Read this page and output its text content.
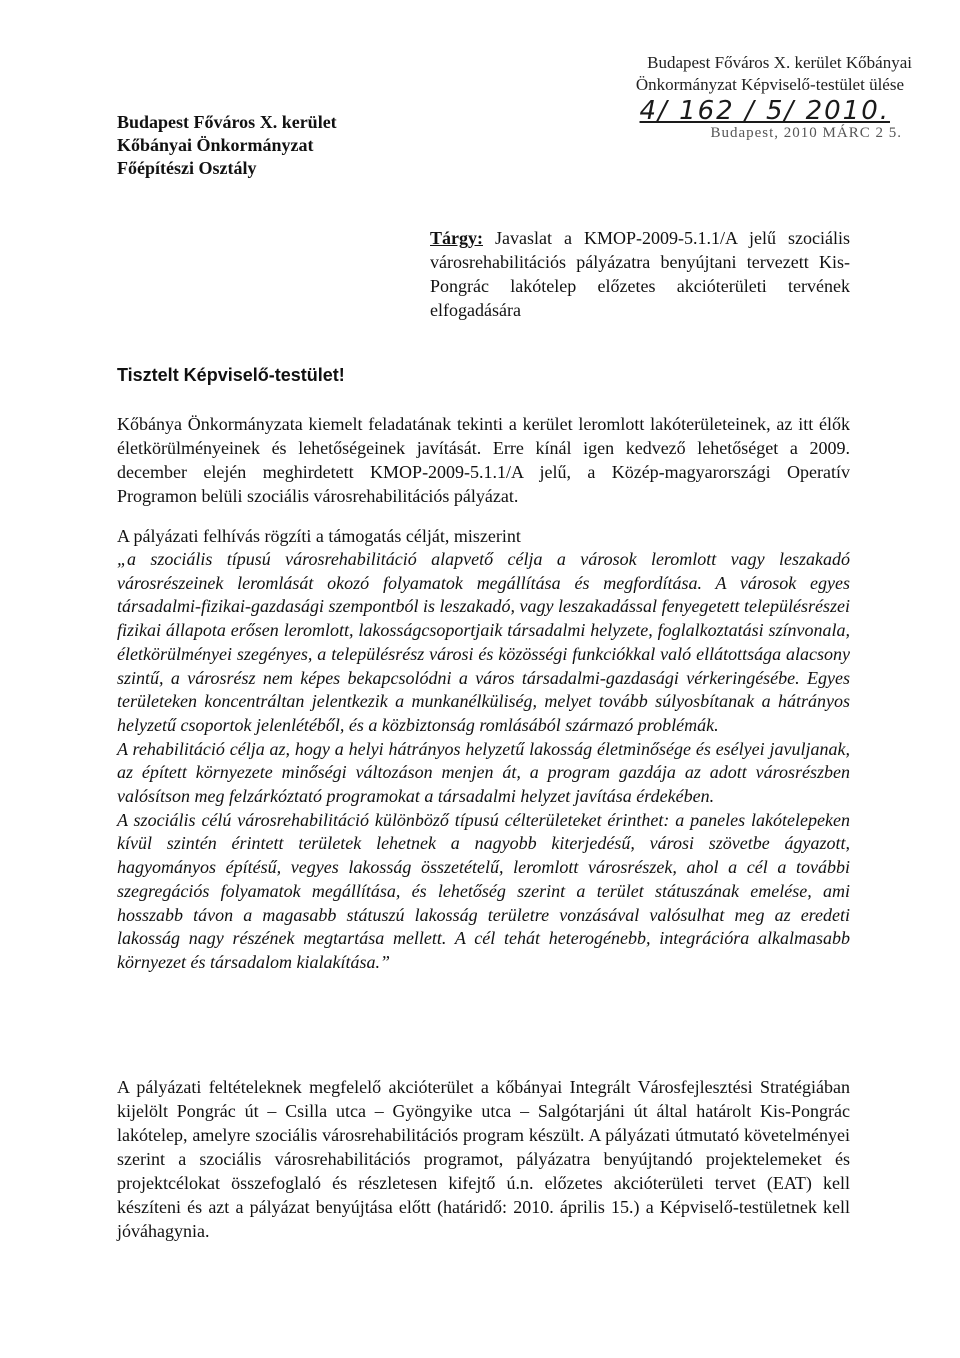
Budapest Főváros X. kerület
Kőbányai Önkormányzat
Főépítészi Osztály
Budapest Főváros X. kerület Kőbányai
Önkormányzat Képviselő-testület ülése
4/ 162 / 5/ 2010.
Budapest, 2010 MÁRC 2 5.
Tárgy: Javaslat a KMOP-2009-5.1.1/A jelű szociális városrehabilitációs pályázatra benyújtani tervezett Kis-Pongrác lakótelep előzetes akcióterületi tervének elfogadására
Tisztelt Képviselő-testület!

Kőbánya Önkormányzata kiemelt feladatának tekinti a kerület leromlott lakóterületeinek, az itt élők életkörülményeinek és lehetőségeinek javítását. Erre kínál igen kedvező lehetőséget a 2009. december elején meghirdetett KMOP-2009-5.1.1/A jelű, a Közép-magyarországi Operatív Programon belüli szociális városrehabilitációs pályázat.

A pályázati felhívás rögzíti a támogatás célját, miszerint

„a szociális típusú városrehabilitáció alapvető célja a városok leromlott vagy leszakadó városrészeinek leromlását okozó folyamatok megállítása és megfordítása. A városok egyes társadalmi-fizikai-gazdasági szempontból is leszakadó, vagy leszakadással fenyegetett településrészei fizikai állapota erősen leromlott, lakosságcsoportjaik társadalmi helyzete, foglalkoztatási színvonala, életkörülményei szegényes, a településrész városi és közösségi funkciókkal való ellátottsága alacsony szintű, a városrész nem képes bekapcsolódni a város társadalmi-gazdasági vérkeringésébe. Egyes területeken koncentráltan jelentkezik a munkanélküliség, melyet tovább súlyosbítanak a hátrányos helyzetű csoportok jelenlétéből, és a közbiztonság romlásából származó problémák.

A rehabilitáció célja az, hogy a helyi hátrányos helyzetű lakosság életminősége és esélyei javuljanak, az épített környezete minőségi változáson menjen át, a program gazdája az adott városrészben valósítson meg felzárkóztató programokat a társadalmi helyzet javítása érdekében.

A szociális célú városrehabilitáció különböző típusú célterületeket érinthet: a paneles lakótelepeken kívül szintén érintett területek lehetnek a nagyobb kiterjedésű, városi szövetbe ágyazott, hagyományos építésű, vegyes lakosság összetételű, leromlott városrészek, ahol a cél a további szegregációs folyamatok megállítása, és lehetőség szerint a terület státuszának emelése, ami hosszabb távon a magasabb státuszú lakosság területre vonzásával valósulhat meg az eredeti lakosság nagy részének megtartása mellett. A cél tehát heterogénebb, integrációra alkalmasabb környezet és társadalom kialakítása.”

A pályázati feltételeknek megfelelő akcióterület a kőbányai Integrált Városfejlesztési Stratégiában kijelölt Pongrác út – Csilla utca – Gyöngyike utca – Salgótarjáni út által határolt Kis-Pongrác lakótelep, amelyre szociális városrehabilitációs program készült. A pályázati útmutató követelményei szerint a szociális városrehabilitációs programot, pályázatra benyújtandó projektelemeket és projektcélokat összefoglaló és részletesen kifejtő ú.n. előzetes akcióterületi tervet (EAT) kell készíteni és azt a pályázat benyújtása előtt (határidő: 2010. április 15.) a Képviselő-testületnek kell jóváhagynia.
